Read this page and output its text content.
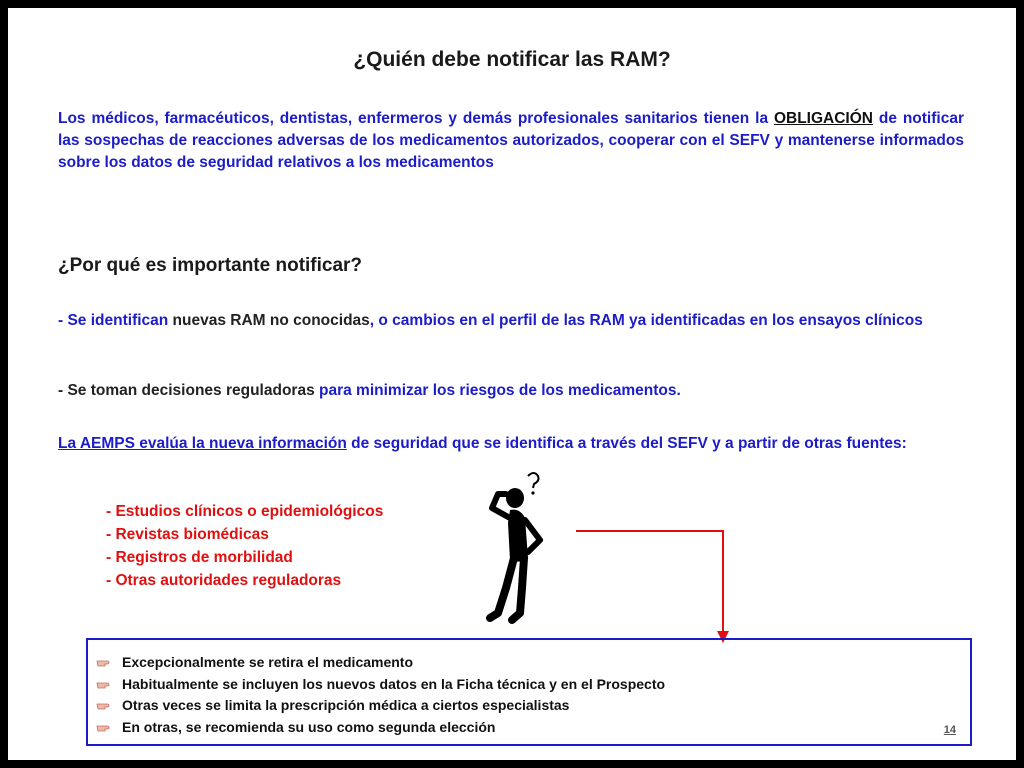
¿Quién debe notificar las RAM?

Los médicos, farmacéuticos, dentistas, enfermeros y demás profesionales sanitarios tienen la OBLIGACIÓN de notificar las sospechas de reacciones adversas de los medicamentos autorizados, cooperar con el SEFV y mantenerse informados sobre los datos de seguridad relativos a los medicamentos

¿Por qué es importante notificar?

- Se identifican nuevas RAM no conocidas, o cambios en el perfil de las RAM ya identificadas en los ensayos clínicos

- Se toman decisiones reguladoras para minimizar los riesgos de los medicamentos.

La AEMPS evalúa la nueva información de seguridad que se identifica a través del SEFV y a partir de otras fuentes:

- Estudios clínicos o epidemiológicos
- Revistas biomédicas
- Registros de morbilidad
- Otras autoridades reguladoras
Excepcionalmente se retira el medicamento
Habitualmente se incluyen los nuevos datos en la Ficha técnica y en el Prospecto
Otras veces se limita la prescripción médica a ciertos especialistas
En otras, se recomienda su uso como segunda elección	14
